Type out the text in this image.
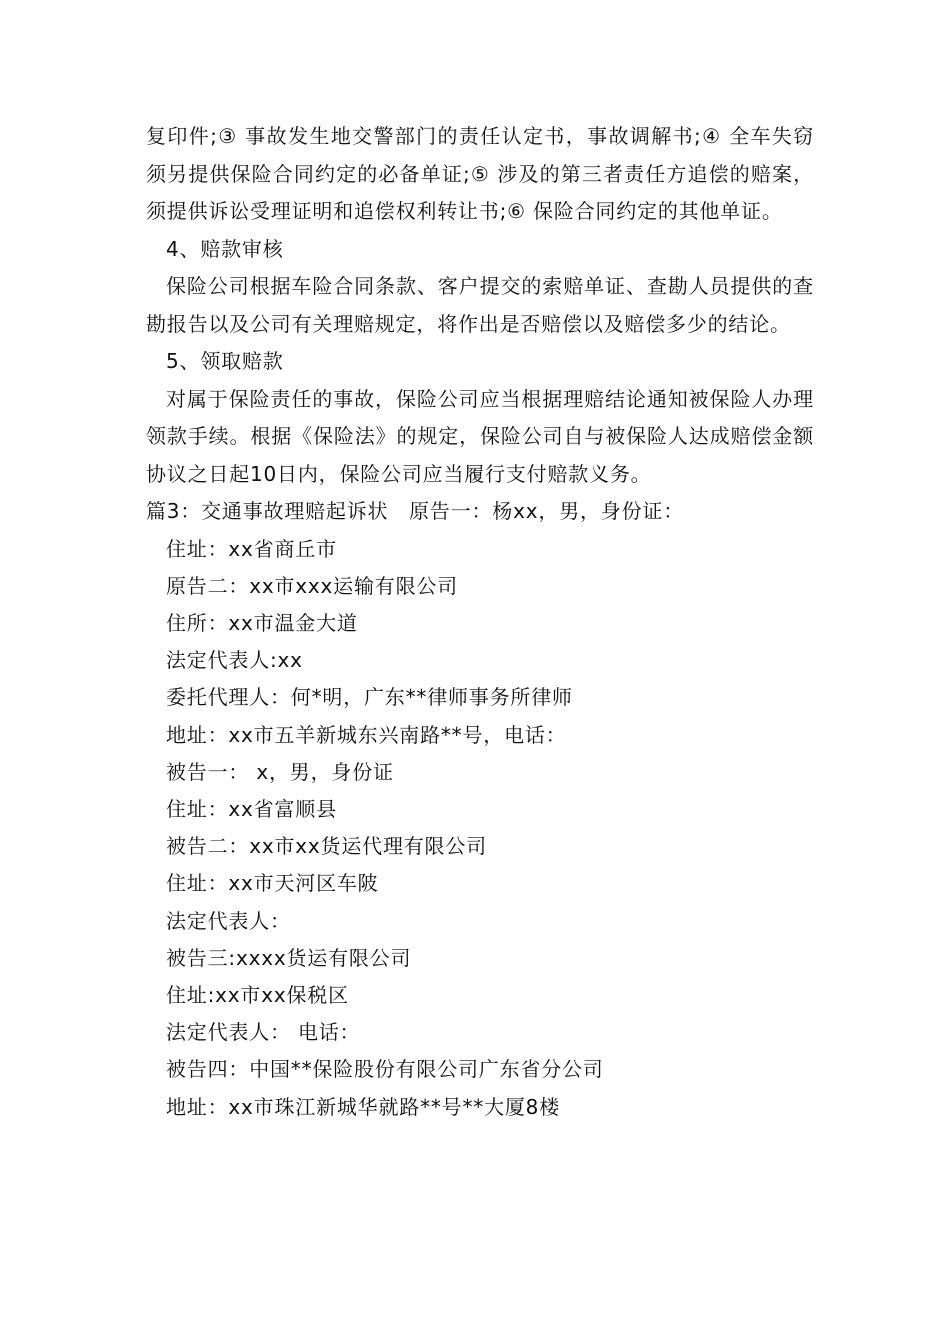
复印件;③ 事故发生地交警部门的责任认定书，事故调解书;④ 全车失窃须另提供保险合同约定的必备单证;⑤ 涉及的第三者责任方追偿的赔案，须提供诉讼受理证明和追偿权利转让书;⑥ 保险合同约定的其他单证。

4、赔款审核

保险公司根据车险合同条款、客户提交的索赔单证、查勘人员提供的查勘报告以及公司有关理赔规定，将作出是否赔偿以及赔偿多少的结论。

5、领取赔款

对属于保险责任的事故，保险公司应当根据理赔结论通知被保险人办理领款手续。根据《保险法》的规定，保险公司自与被保险人达成赔偿金额协议之日起10日内，保险公司应当履行支付赔款义务。

篇3：交通事故理赔起诉状　原告一：杨xx，男，身份证：

住址：xx省商丘市

原告二：xx市xxx运输有限公司

住所：xx市温金大道

法定代表人:xx

委托代理人：何*明，广东**律师事务所律师

地址：xx市五羊新城东兴南路**号，电话：

被告一： x，男，身份证

住址：xx省富顺县

被告二：xx市xx货运代理有限公司

住址：xx市天河区车陂

法定代表人：

被告三:xxxx货运有限公司

住址:xx市xx保税区

法定代表人： 电话：

被告四：中国**保险股份有限公司广东省分公司

地址：xx市珠江新城华就路**号**大厦8楼
